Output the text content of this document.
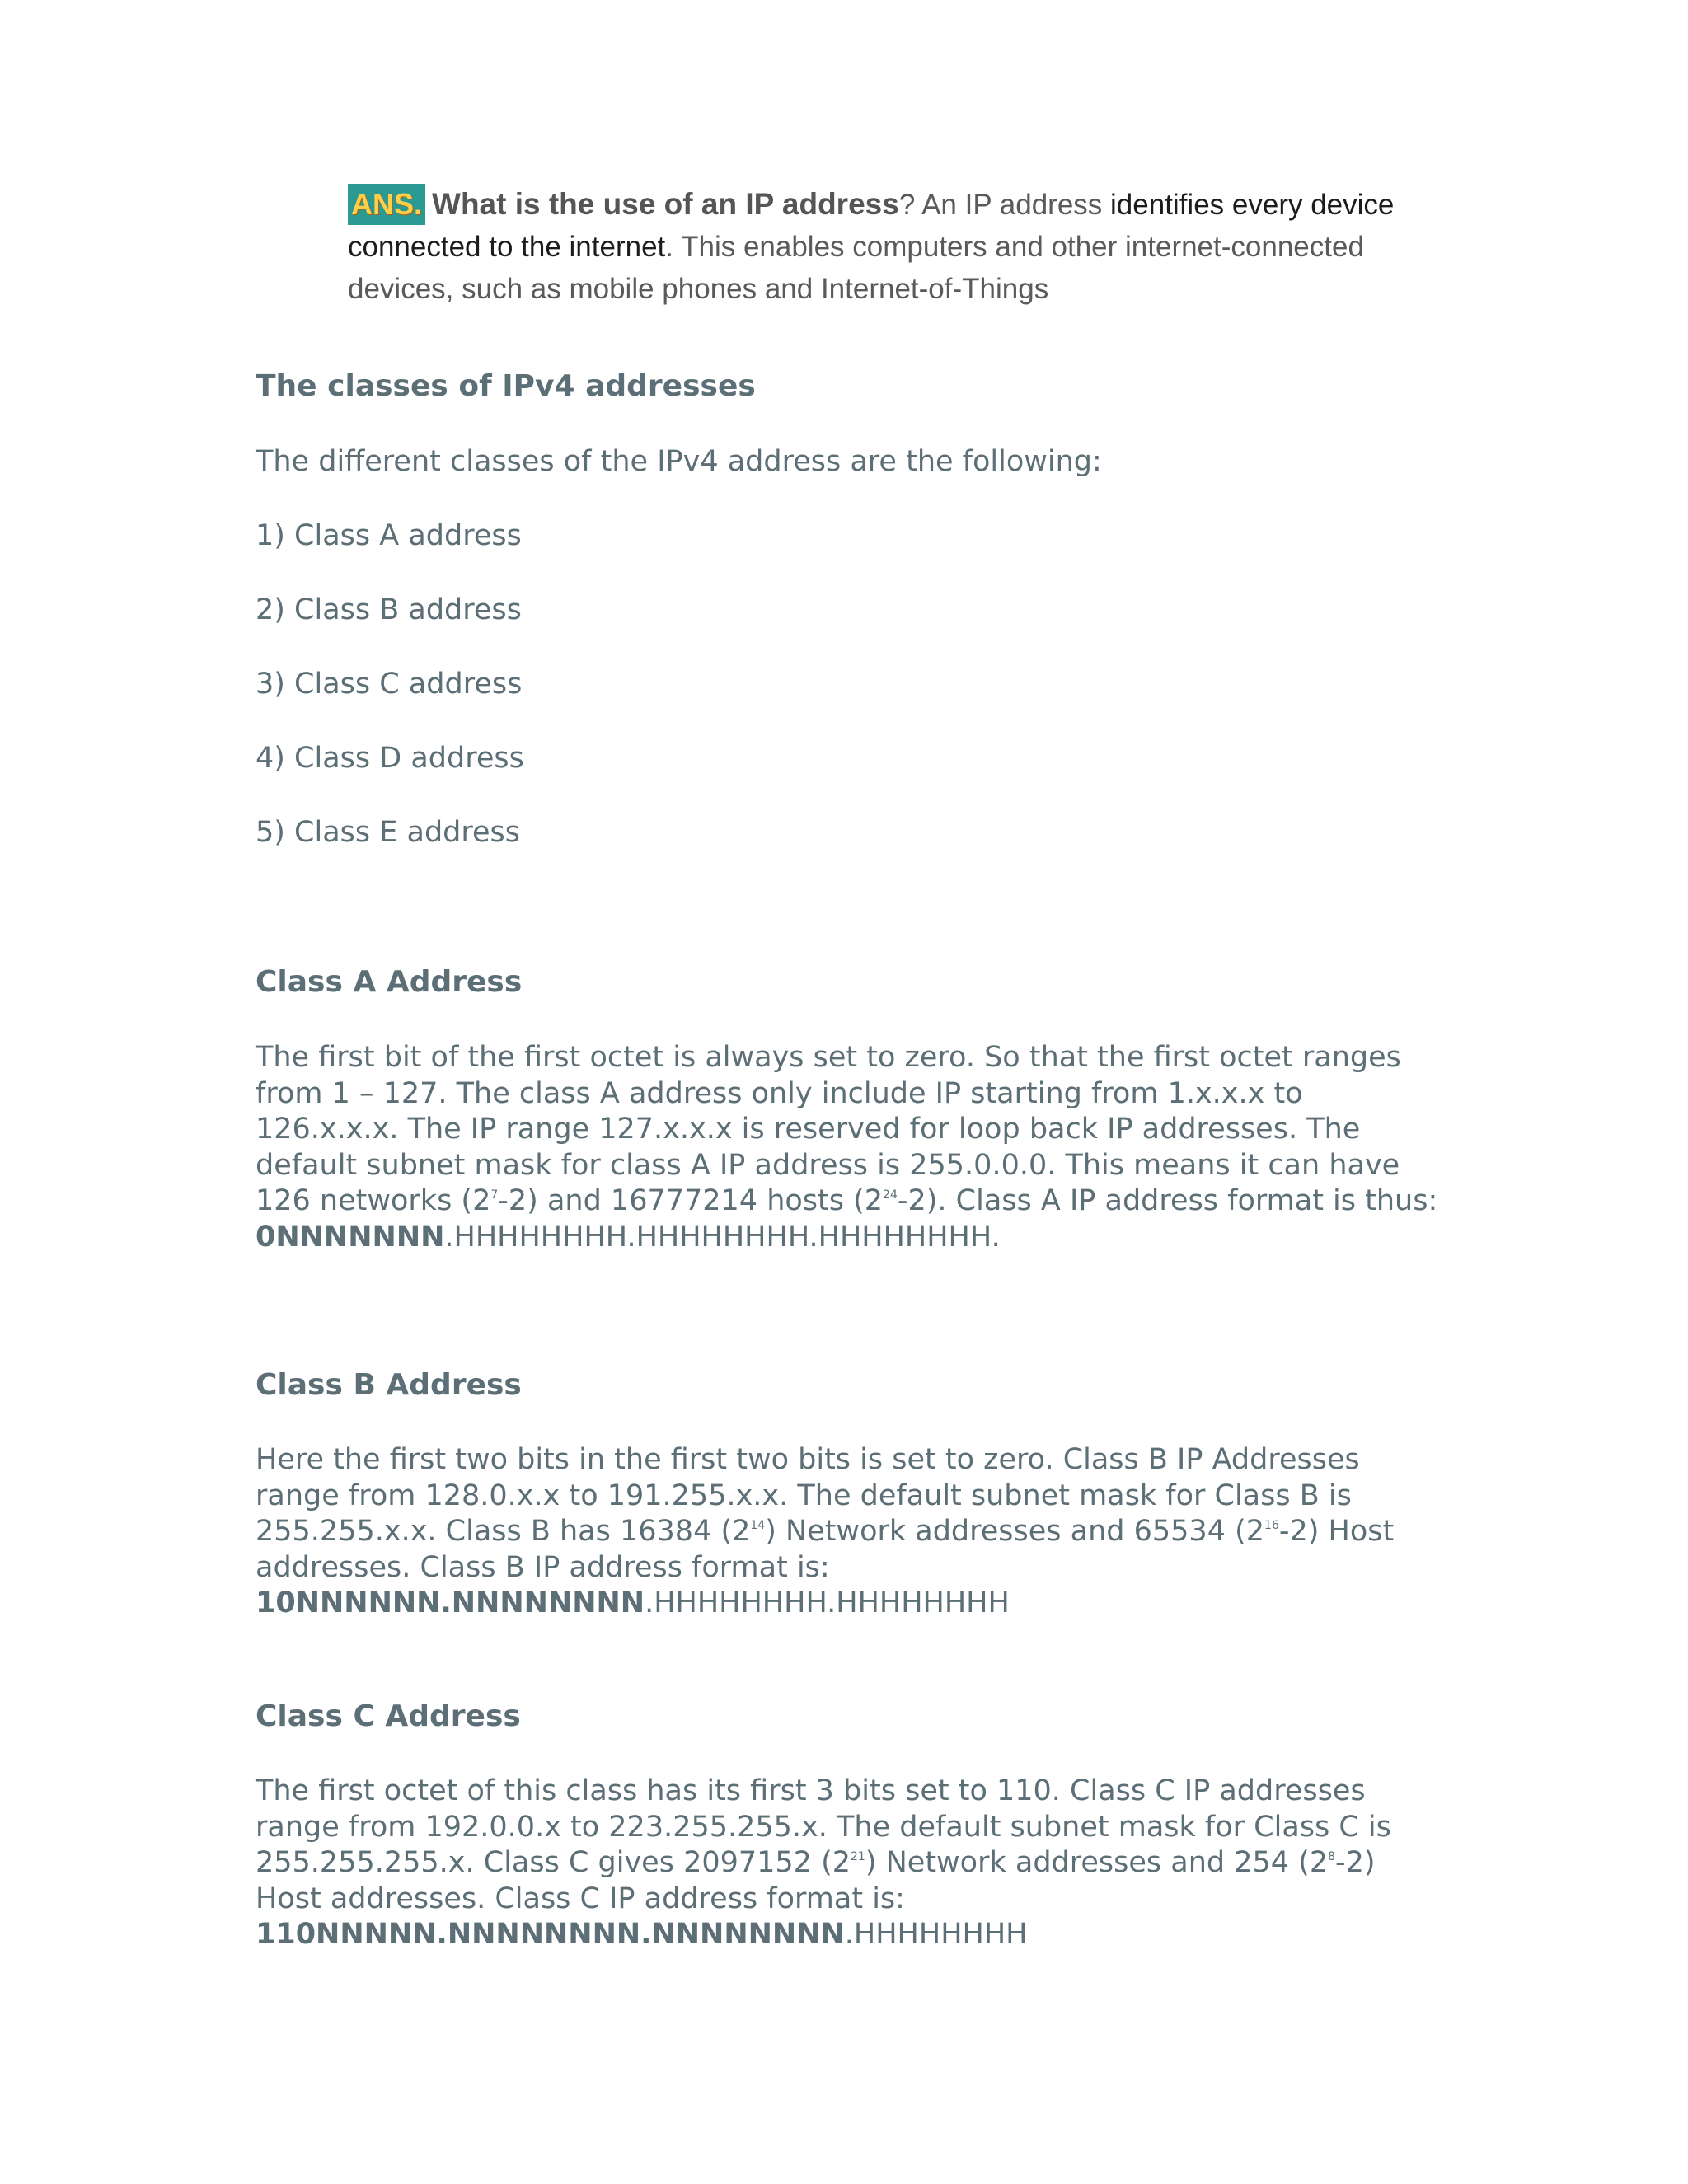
ANS. What is the use of an IP address? An IP address identifies every device connected to the internet. This enables computers and other internet-connected devices, such as mobile phones and Internet-of-Things
The classes of IPv4 addresses
The different classes of the IPv4 address are the following:
1) Class A address
2) Class B address
3) Class C address
4) Class D address
5) Class E address
Class A Address
The first bit of the first octet is always set to zero. So that the first octet ranges from 1 – 127. The class A address only include IP starting from 1.x.x.x to 126.x.x.x. The IP range 127.x.x.x is reserved for loop back IP addresses. The default subnet mask for class A IP address is 255.0.0.0. This means it can have 126 networks $(2^7-2)$ and 16777214 hosts $(2^{24}-2)$. Class A IP address format is thus: 0NNNNNNN.HHHHHHHH.HHHHHHHH.HHHHHHHH.
Class B Address
Here the first two bits in the first two bits is set to zero. Class B IP Addresses range from 128.0.x.x to 191.255.x.x. The default subnet mask for Class B is 255.255.x.x. Class B has 16384 $(2^{14})$ Network addresses and 65534 $(2^{16}-2)$ Host addresses. Class B IP address format is: 10NNNNNN.NNNNNNNN.HHHHHHHH.HHHHHHHH
Class C Address
The first octet of this class has its first 3 bits set to 110. Class C IP addresses range from 192.0.0.x to 223.255.255.x. The default subnet mask for Class C is 255.255.255.x. Class C gives 2097152 $(2^{21})$ Network addresses and 254 $(2^8-2)$ Host addresses. Class C IP address format is: 110NNNNN.NNNNNNNN.NNNNNNNN.HHHHHHHH
